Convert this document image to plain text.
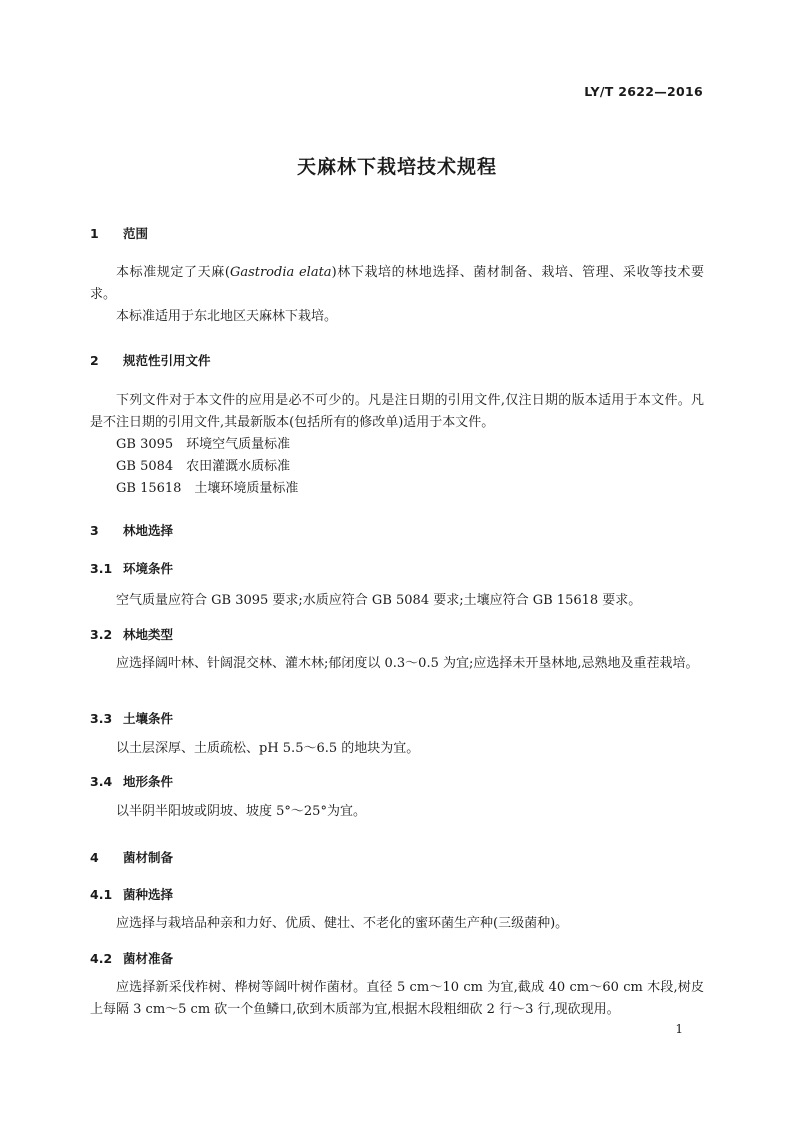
LY/T 2622—2016
天麻林下栽培技术规程
1 范围
本标准规定了天麻(Gastrodia elata)林下栽培的林地选择、菌材制备、栽培、管理、采收等技术要求。
本标准适用于东北地区天麻林下栽培。
2 规范性引用文件
下列文件对于本文件的应用是必不可少的。凡是注日期的引用文件,仅注日期的版本适用于本文件。凡是不注日期的引用文件,其最新版本(包括所有的修改单)适用于本文件。
GB 3095　环境空气质量标准
GB 5084　农田灌溉水质标准
GB 15618　土壤环境质量标准
3 林地选择
3.1 环境条件
空气质量应符合 GB 3095 要求;水质应符合 GB 5084 要求;土壤应符合 GB 15618 要求。
3.2 林地类型
应选择阔叶林、针阔混交林、灌木林;郁闭度以 0.3～0.5 为宜;应选择未开垦林地,忌熟地及重茬栽培。
3.3 土壤条件
以土层深厚、土质疏松、pH 5.5～6.5 的地块为宜。
3.4 地形条件
以半阴半阳坡或阴坡、坡度 5°～25°为宜。
4 菌材制备
4.1 菌种选择
应选择与栽培品种亲和力好、优质、健壮、不老化的蜜环菌生产种(三级菌种)。
4.2 菌材准备
应选择新采伐柞树、桦树等阔叶树作菌材。直径 5 cm～10 cm 为宜,截成 40 cm～60 cm 木段,树皮上每隔 3 cm～5 cm 砍一个鱼鳞口,砍到木质部为宜,根据木段粗细砍 2 行～3 行,现砍现用。
1
